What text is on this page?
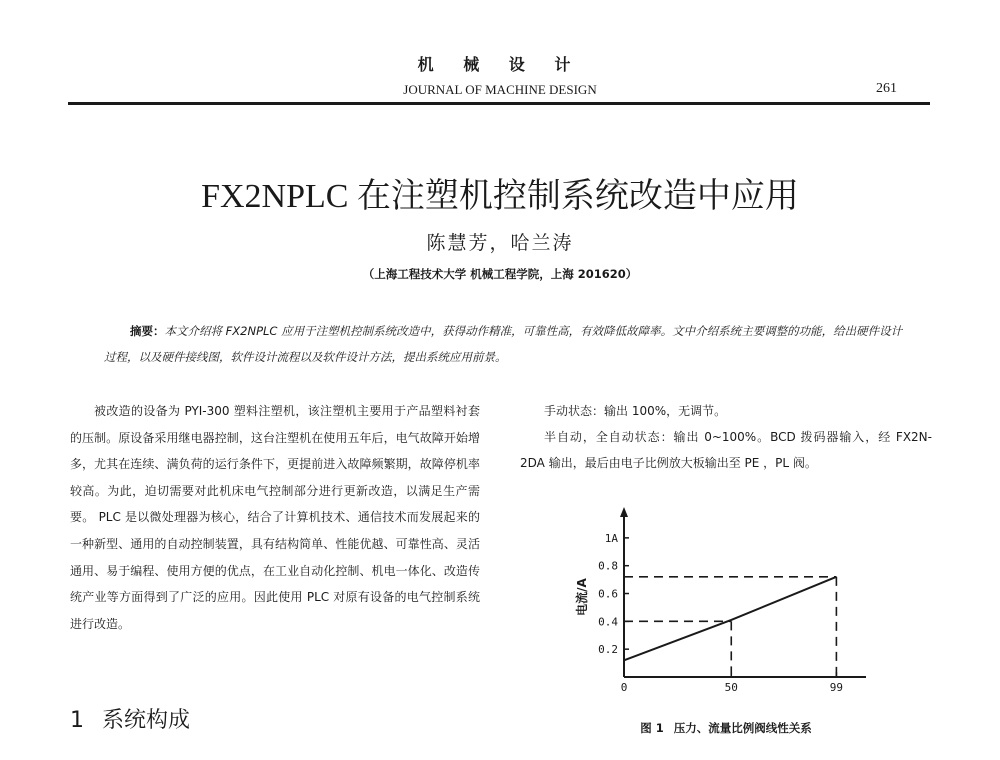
机 械 设 计
JOURNAL OF MACHINE DESIGN	261
FX2NPLC 在注塑机控制系统改造中应用
陈慧芳，哈兰涛
（上海工程技术大学 机械工程学院，上海 201620）
摘要：本文介绍将 FX2NPLC 应用于注塑机控制系统改造中，获得动作精准，可靠性高，有效降低故障率。文中介绍系统主要调整的功能，给出硬件设计过程，以及硬件接线图，软件设计流程以及软件设计方法，提出系统应用前景。
被改造的设备为 PYI-300 塑料注塑机，该注塑机主要用于产品塑料衬套的压制。原设备采用继电器控制，这台注塑机在使用五年后，电气故障开始增多，尤其在连续、满负荷的运行条件下，更提前进入故障频繁期，故障停机率较高。为此，迫切需要对此机床电气控制部分进行更新改造，以满足生产需要。 PLC 是以微处理器为核心，结合了计算机技术、通信技术而发展起来的一种新型、通用的自动控制装置，具有结构简单、性能优越、可靠性高、灵活通用、易于编程、使用方便的优点，在工业自动化控制、机电一体化、改造传统产业等方面得到了广泛的应用。因此使用 PLC 对原有设备的电气控制系统进行改造。

手动状态：输出 100%，无调节。

半自动，全自动状态：输出 0~100%。BCD 拨码器输入，经 FX2N-2DA 输出，最后由电子比例放大板输出至 PE ，PL 阀。

1 系统构成
0.2
0.4
0.6
0.8
1A
0	50	99
电流/A
图 1 压力、流量比例阀线性关系
